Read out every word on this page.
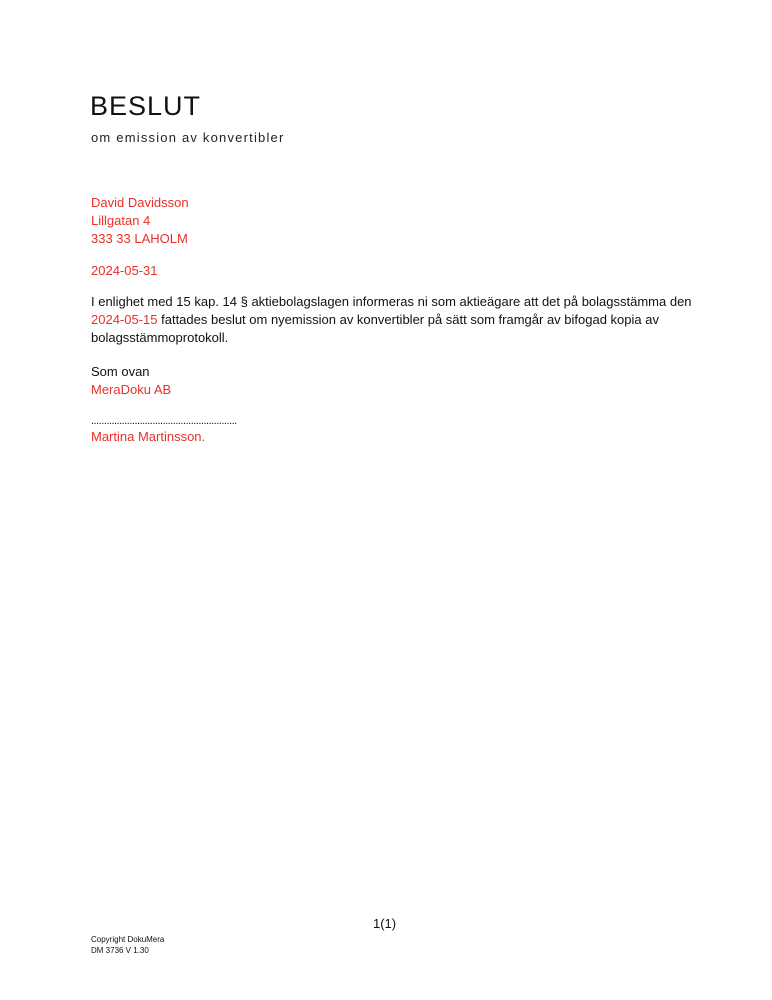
BESLUT
om emission av konvertibler
David Davidsson
Lillgatan 4
333 33 LAHOLM
2024-05-31
I enlighet med 15 kap. 14 § aktiebolagslagen informeras ni som aktieägare att det på bolagsstämma den 2024-05-15 fattades beslut om nyemission av konvertibler på sätt som framgår av bifogad kopia av bolagsstämmoprotokoll.
Som ovan
MeraDoku AB
.........................................................
Martina Martinsson.
1(1)
Copyright DokuMera
DM 3736 V 1.30
